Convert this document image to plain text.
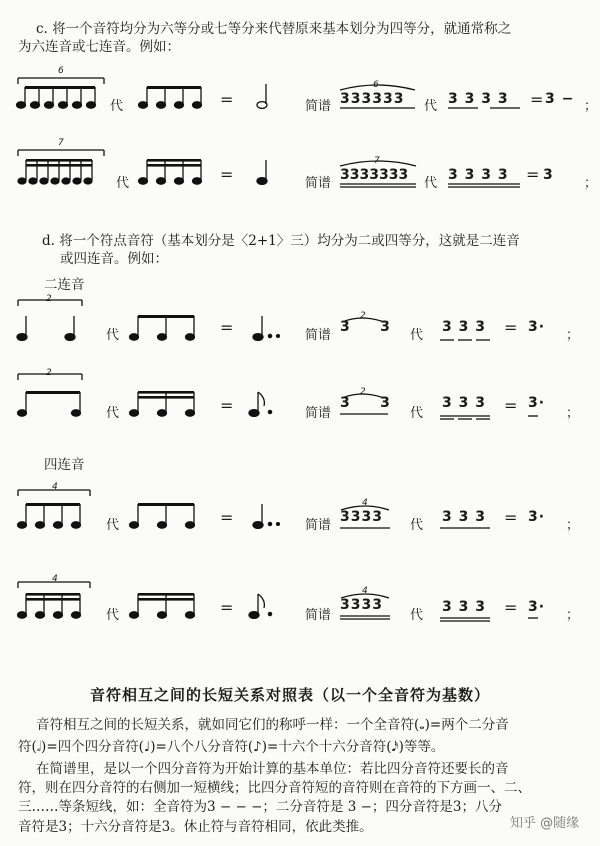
c. 将一个音符均分为六等分或七等分来代替原来基本划分为四等分，就通常称之
为六连音或七连音。例如：
6
代	=	简谱
6
333333 代 3 3 3 3 = 3 − ；
7
代	=	简谱
7
3333333
代
3 3 3 3 = 3
；
d. 将一个符点音符（基本划分是〈2+1〉三）均分为二或四等分，这就是二连音
或四连音。例如：
二连音
2
代	=	简谱
2
3     3
代
3 3 3 = 3·
；
2
代	=	简谱
2
3     3
代
3 3 3 = 3·
；
四连音
4
代	=	简谱
4
3333
代
3 3 3 = 3·
；
4
代	=	简谱
4
3333
代
3 3 3 = 3·
；
音符相互之间的长短关系对照表（以一个全音符为基数）
音符相互之间的长短关系，就如同它们的称呼一样：一个全音符(𝅝)=两个二分音
符(𝅗𝅥)=四个四分音符(♩)=八个八分音符(♪)=十六个十六分音符(𝅘𝅥𝅯)等等。
在简谱里，是以一个四分音符为开始计算的基本单位：若比四分音符还要长的音
符，则在四分音符的右侧加一短横线；比四分音符短的音符则在音符的下方画一、二、
三……等条短线，如：全音符为3 − − −；二分音符是 3 −；四分音符是3；八分
音符是3；十六分音符是3。休止符与音符相同，依此类推。	知乎 @随缘
